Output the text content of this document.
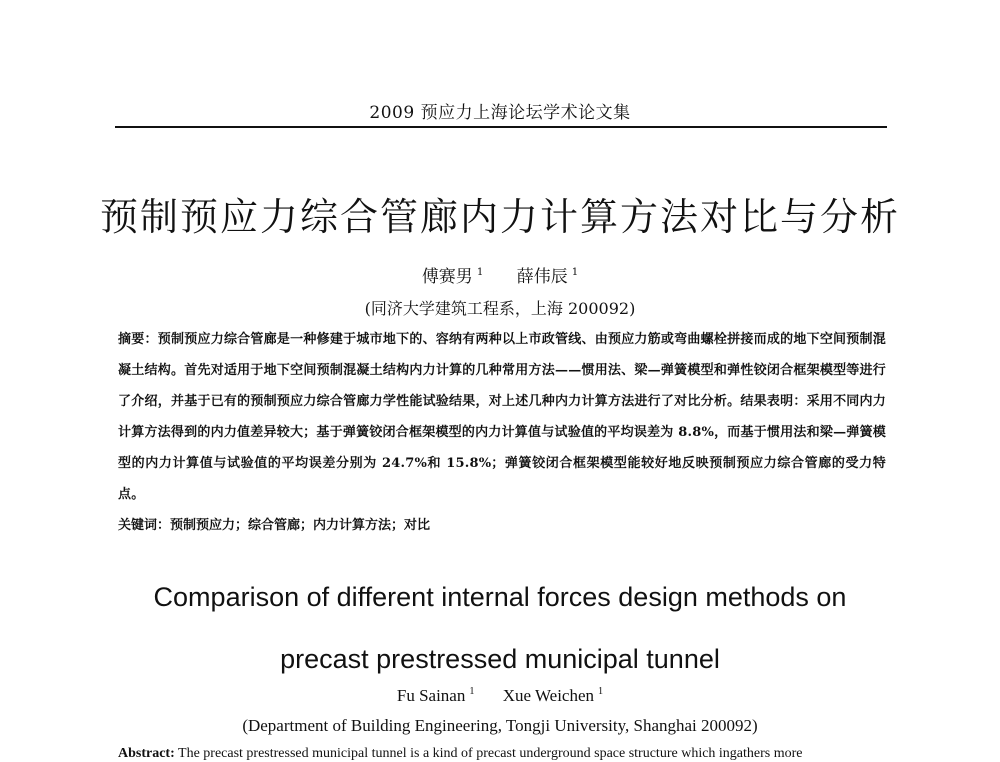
2009 预应力上海论坛学术论文集
预制预应力综合管廊内力计算方法对比与分析
傅赛男 $^1$ 薛伟辰 $^1$
(同济大学建筑工程系，上海 200092)
摘要：预制预应力综合管廊是一种修建于城市地下的、容纳有两种以上市政管线、由预应力筋或弯曲螺栓拼接而成的地下空间预制混凝土结构。首先对适用于地下空间预制混凝土结构内力计算的几种常用方法——惯用法、梁—弹簧模型和弹性铰闭合框架模型等进行了介绍，并基于已有的预制预应力综合管廊力学性能试验结果，对上述几种内力计算方法进行了对比分析。结果表明：采用不同内力计算方法得到的内力值差异较大；基于弹簧铰闭合框架模型的内力计算值与试验值的平均误差为 8.8%，而基于惯用法和梁—弹簧模型的内力计算值与试验值的平均误差分别为 24.7%和 15.8%；弹簧铰闭合框架模型能较好地反映预制预应力综合管廊的受力特点。
关键词：预制预应力；综合管廊；内力计算方法；对比
Comparison of different internal forces design methods on
precast prestressed municipal tunnel
Fu Sainan $^1$ Xue Weichen $^1$
(Department of Building Engineering, Tongji University, Shanghai 200092)
Abstract: The precast prestressed municipal tunnel is a kind of precast underground space structure which ingathers more
